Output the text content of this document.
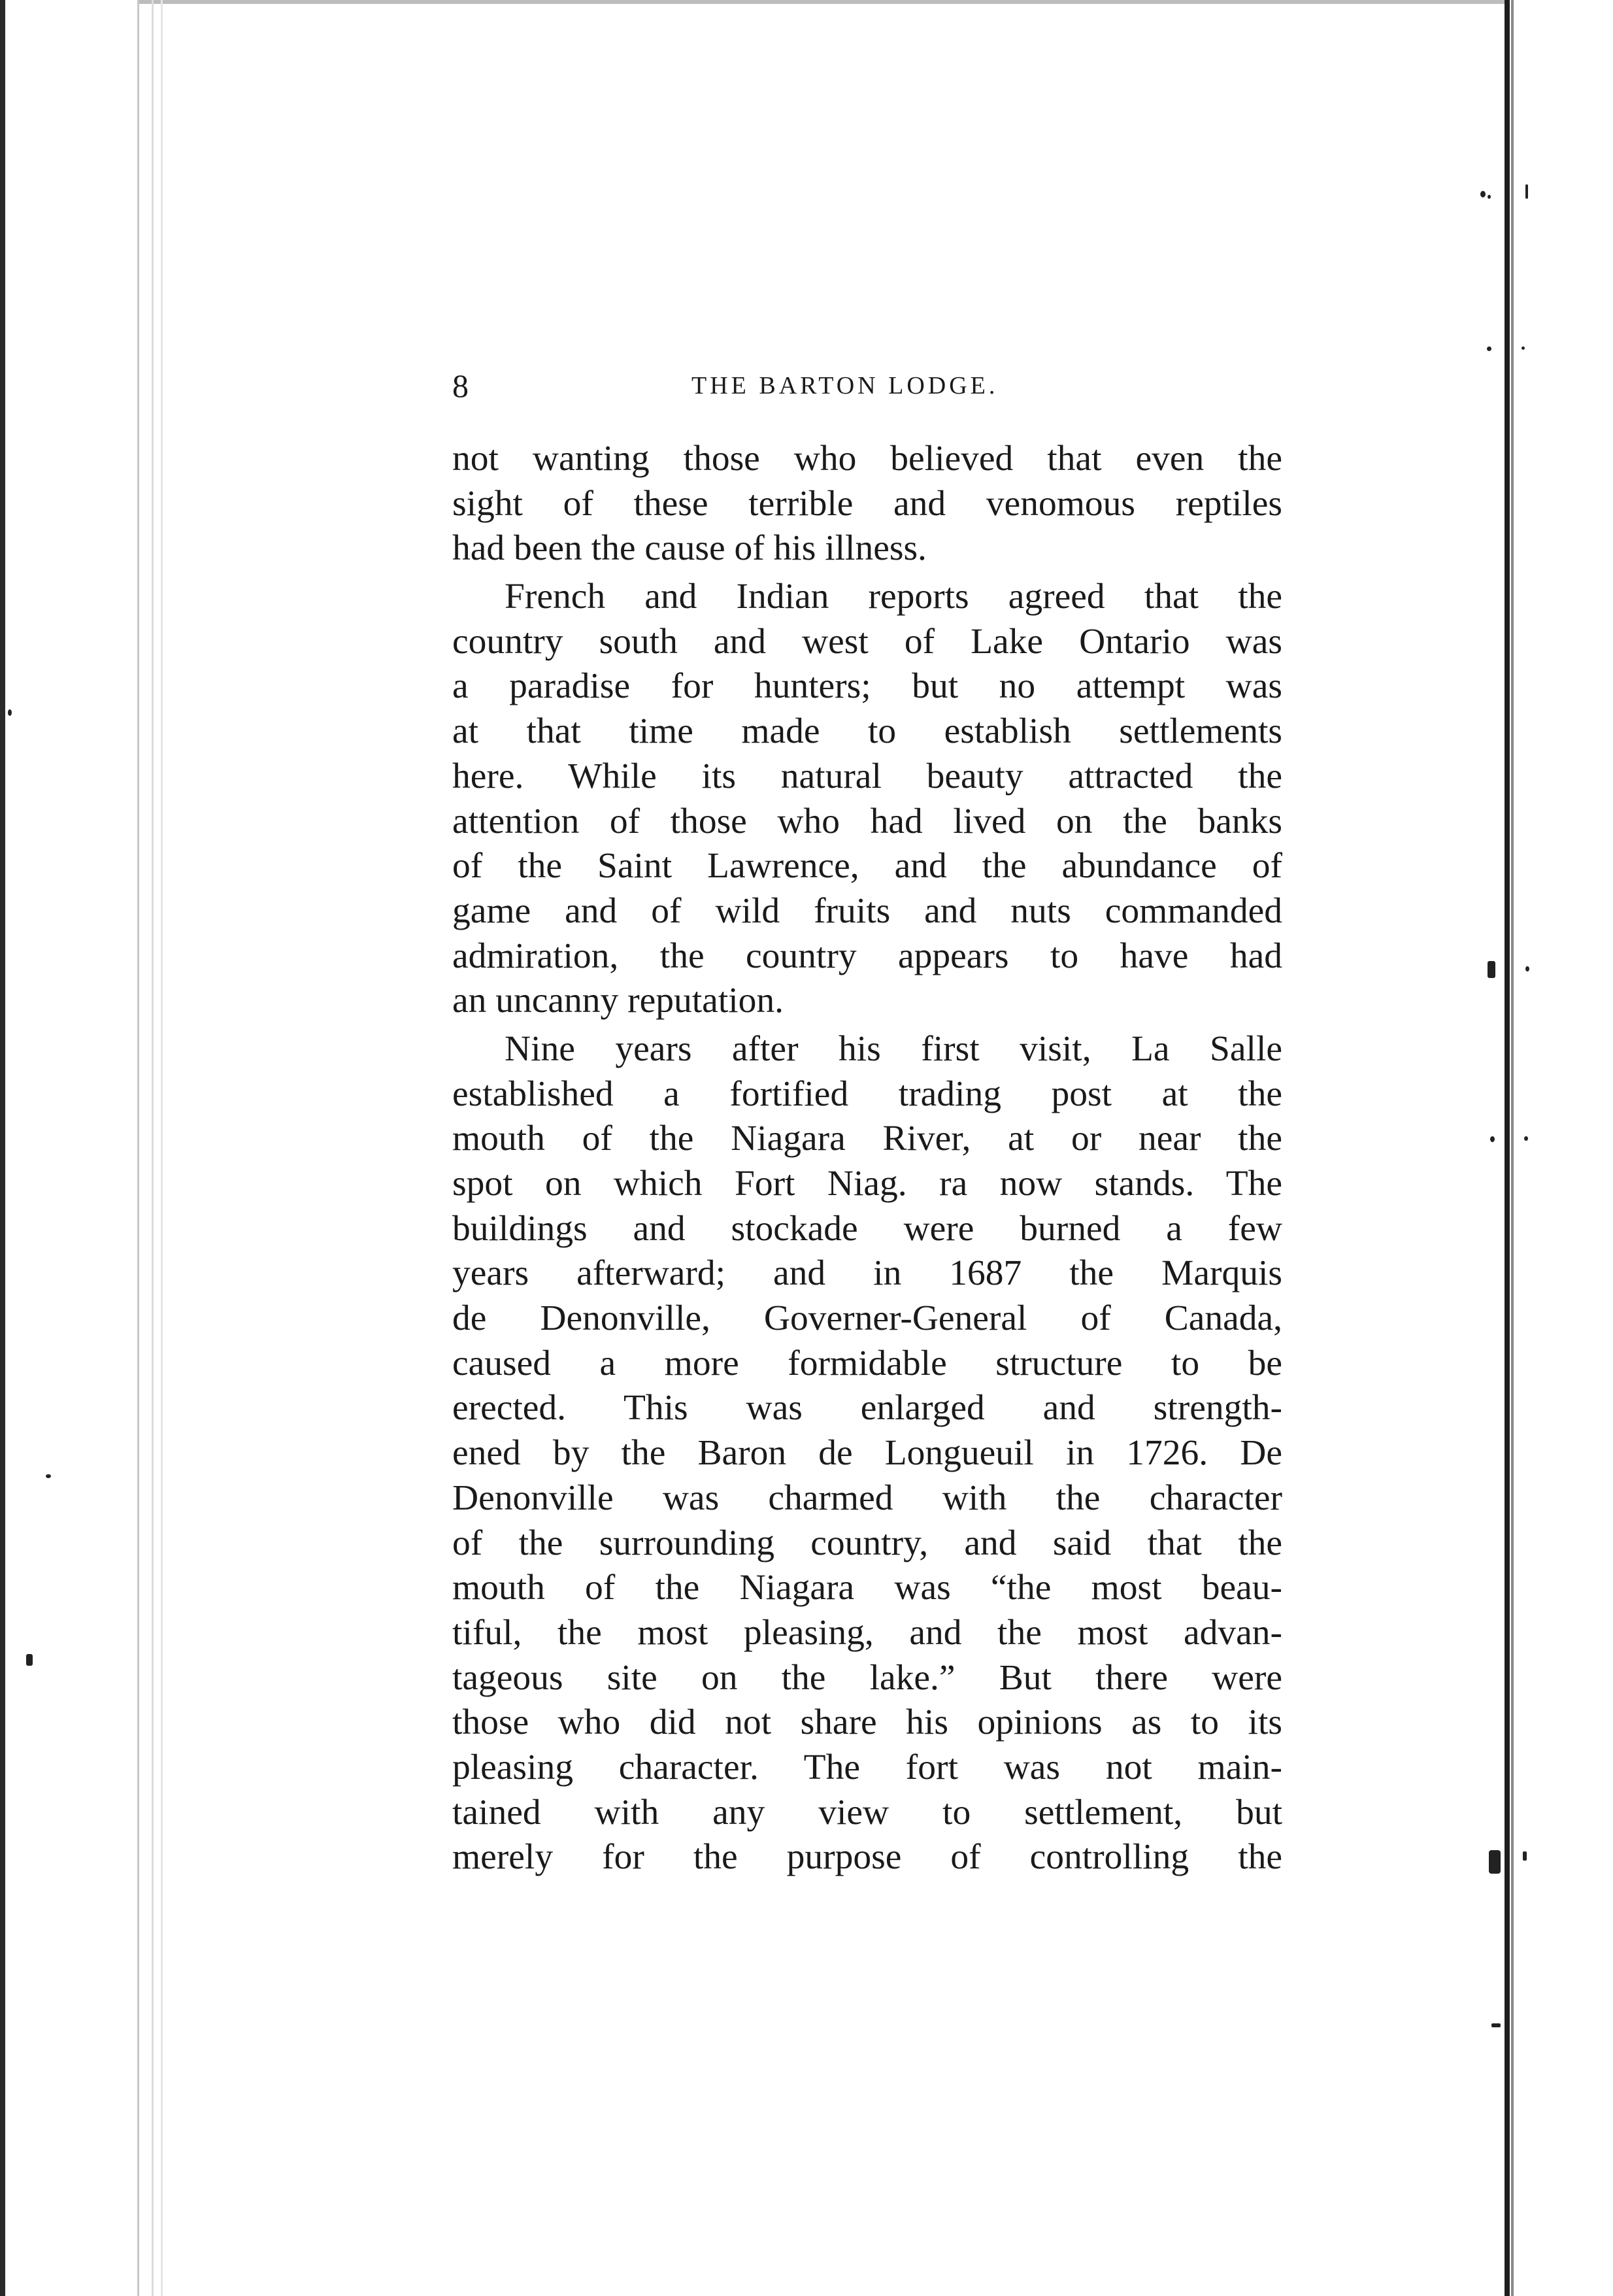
8	THE BARTON LODGE.
not wanting those who believed that even the
sight of these terrible and venomous reptiles
had been the cause of his illness.
French and Indian reports agreed that the
country south and west of Lake Ontario was
a paradise for hunters; but no attempt was
at that time made to establish settlements
here. While its natural beauty attracted the
attention of those who had lived on the banks
of the Saint Lawrence, and the abundance of
game and of wild fruits and nuts commanded
admiration, the country appears to have had
an uncanny reputation.
Nine years after his first visit, La Salle
established a fortified trading post at the
mouth of the Niagara River, at or near the
spot on which Fort Niag. ra now stands. The
buildings and stockade were burned a few
years afterward; and in 1687 the Marquis
de Denonville, Governer-General of Canada,
caused a more formidable structure to be
erected. This was enlarged and strength-
ened by the Baron de Longueuil in 1726. De
Denonville was charmed with the character
of the surrounding country, and said that the
mouth of the Niagara was “the most beau-
tiful, the most pleasing, and the most advan-
tageous site on the lake.” But there were
those who did not share his opinions as to its
pleasing character. The fort was not main-
tained with any view to settlement, but
merely for the purpose of controlling the
